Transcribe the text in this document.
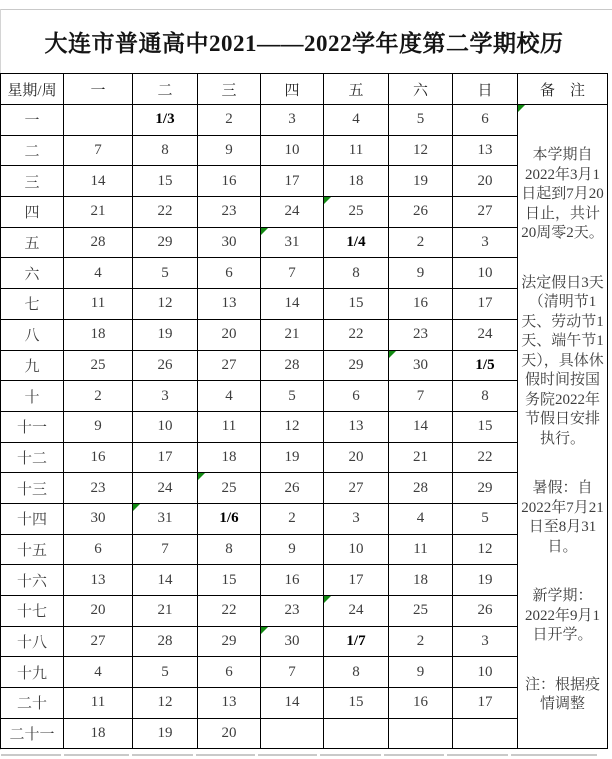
大连市普通高中2021——2022学年度第二学期校历
星期/周	一	二	三	四	五	六	日	备　注
一		1/3	2	3	4	5	6	本学期自2022年3月1日起到7月20日止，共计20周零2天。

法定假日3天（清明节1天、劳动节1天、端午节1天），具体休假时间按国务院2022年节假日安排执行。

暑假：自2022年7月21日至8月31日。

新学期：2022年9月1日开学。

注：根据疫情调整

二	7	8	9	10	11	12	13	
三	14	15	16	17	18	19	20	
四	21	22	23	24	25	26	27	
五	28	29	30	31	1/4	2	3	
六	4	5	6	7	8	9	10	
七	11	12	13	14	15	16	17	
八	18	19	20	21	22	23	24	
九	25	26	27	28	29	30	1/5	
十	2	3	4	5	6	7	8	
十一	9	10	11	12	13	14	15	
十二	16	17	18	19	20	21	22	
十三	23	24	25	26	27	28	29	
十四	30	31	1/6	2	3	4	5	
十五	6	7	8	9	10	11	12	
十六	13	14	15	16	17	18	19	
十七	20	21	22	23	24	25	26	
十八	27	28	29	30	1/7	2	3	
十九	4	5	6	7	8	9	10	
二十	11	12	13	14	15	16	17	
二十一	18	19	20					
